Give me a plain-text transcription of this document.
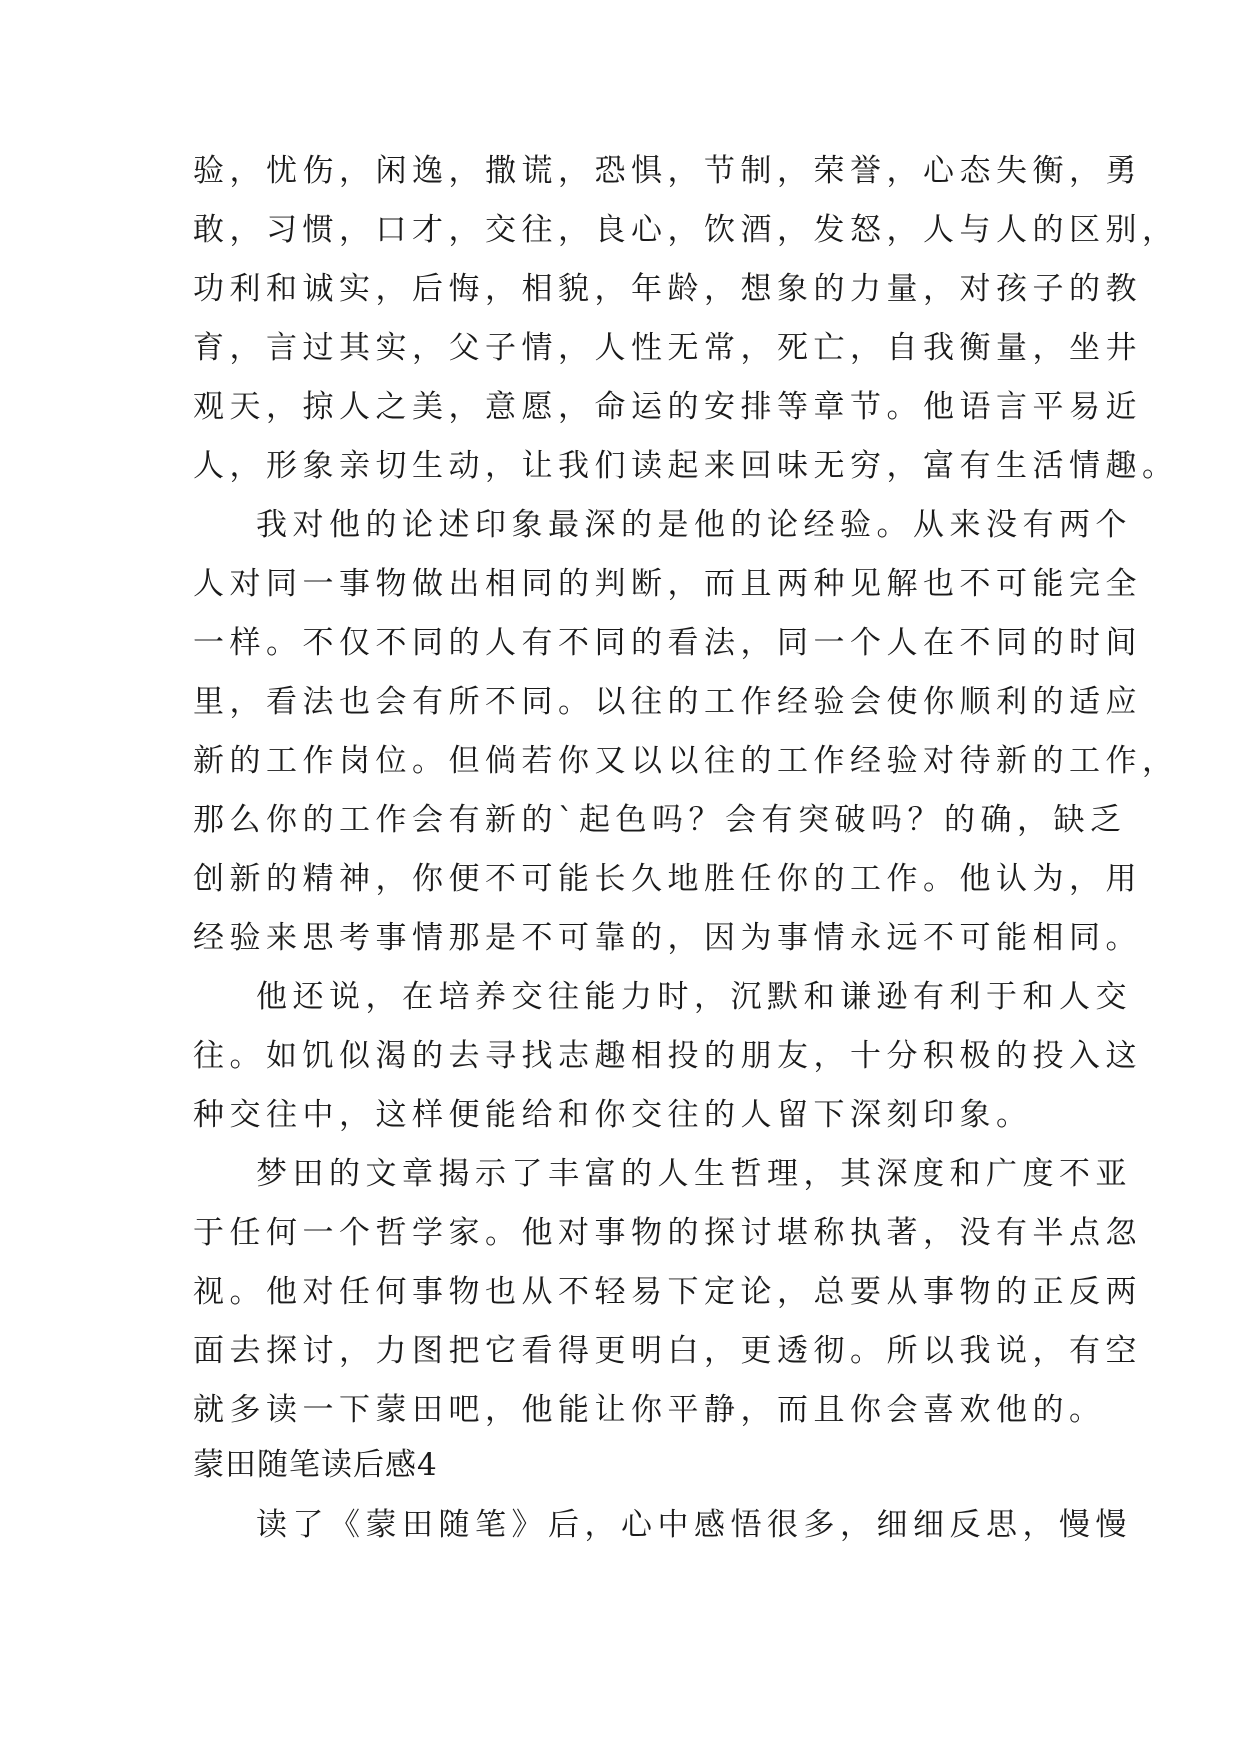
验，忧伤，闲逸，撒谎，恐惧，节制，荣誉，心态失衡，勇
敢，习惯，口才，交往，良心，饮酒，发怒，人与人的区别，
功利和诚实，后悔，相貌，年龄，想象的力量，对孩子的教
育，言过其实，父子情，人性无常，死亡，自我衡量，坐井
观天，掠人之美，意愿，命运的安排等章节。他语言平易近
人，形象亲切生动，让我们读起来回味无穷，富有生活情趣。
我对他的论述印象最深的是他的论经验。从来没有两个
人对同一事物做出相同的判断，而且两种见解也不可能完全
一样。不仅不同的人有不同的看法，同一个人在不同的时间
里，看法也会有所不同。以往的工作经验会使你顺利的适应
新的工作岗位。但倘若你又以以往的工作经验对待新的工作，
那么你的工作会有新的`起色吗？会有突破吗？的确，缺乏
创新的精神，你便不可能长久地胜任你的工作。他认为，用
经验来思考事情那是不可靠的，因为事情永远不可能相同。
他还说，在培养交往能力时，沉默和谦逊有利于和人交
往。如饥似渴的去寻找志趣相投的朋友，十分积极的投入这
种交往中，这样便能给和你交往的人留下深刻印象。
梦田的文章揭示了丰富的人生哲理，其深度和广度不亚
于任何一个哲学家。他对事物的探讨堪称执著，没有半点忽
视。他对任何事物也从不轻易下定论，总要从事物的正反两
面去探讨，力图把它看得更明白，更透彻。所以我说，有空
就多读一下蒙田吧，他能让你平静，而且你会喜欢他的。
蒙田随笔读后感4
读了《蒙田随笔》后，心中感悟很多，细细反思，慢慢
